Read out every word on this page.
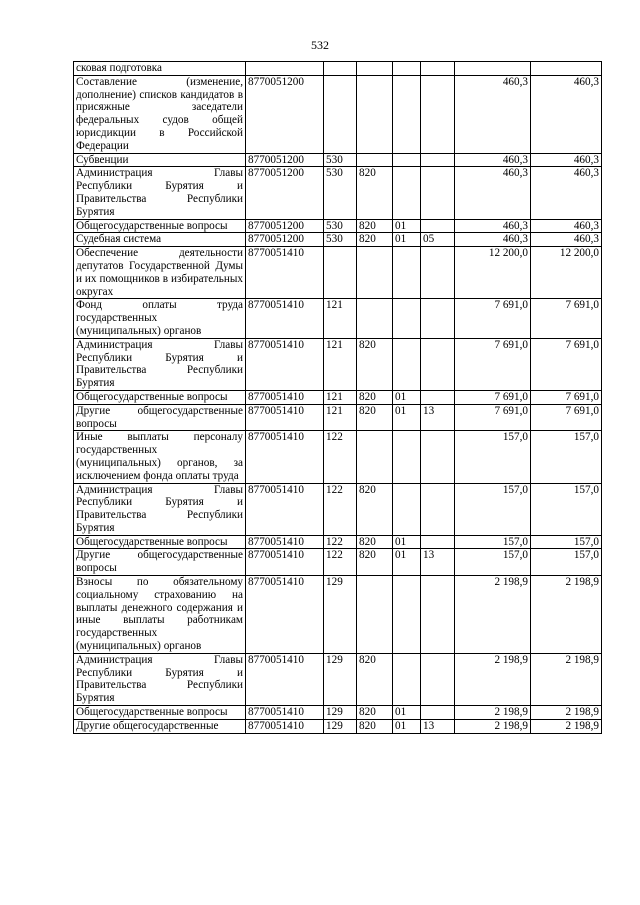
532
сковая подготовка							
Составление (изменение, дополнение) списков кандидатов в присяжные заседатели федеральных судов общей юрисдикции в Российской Федерации	8770051200					460,3	460,3
Субвенции	8770051200	530				460,3	460,3
Администрация Главы Республики Бурятия и Правительства Республики Бурятия	8770051200	530	820			460,3	460,3
Общегосударственные вопросы	8770051200	530	820	01		460,3	460,3
Судебная система	8770051200	530	820	01	05	460,3	460,3
Обеспечение деятельности депутатов Государственной Думы и их помощников в избирательных округах	8770051410					12 200,0	12 200,0
Фонд оплаты труда государственных (муниципальных) органов	8770051410	121				7 691,0	7 691,0
Администрация Главы Республики Бурятия и Правительства Республики Бурятия	8770051410	121	820			7 691,0	7 691,0
Общегосударственные вопросы	8770051410	121	820	01		7 691,0	7 691,0
Другие общегосударственные вопросы	8770051410	121	820	01	13	7 691,0	7 691,0
Иные выплаты персоналу государственных (муниципальных) органов, за исключением фонда оплаты труда	8770051410	122				157,0	157,0
Администрация Главы Республики Бурятия и Правительства Республики Бурятия	8770051410	122	820			157,0	157,0
Общегосударственные вопросы	8770051410	122	820	01		157,0	157,0
Другие общегосударственные вопросы	8770051410	122	820	01	13	157,0	157,0
Взносы по обязательному социальному страхованию на выплаты денежного содержания и иные выплаты работникам государственных (муниципальных) органов	8770051410	129				2 198,9	2 198,9
Администрация Главы Республики Бурятия и Правительства Республики Бурятия	8770051410	129	820			2 198,9	2 198,9
Общегосударственные вопросы	8770051410	129	820	01		2 198,9	2 198,9
Другие общегосударственные	8770051410	129	820	01	13	2 198,9	2 198,9
